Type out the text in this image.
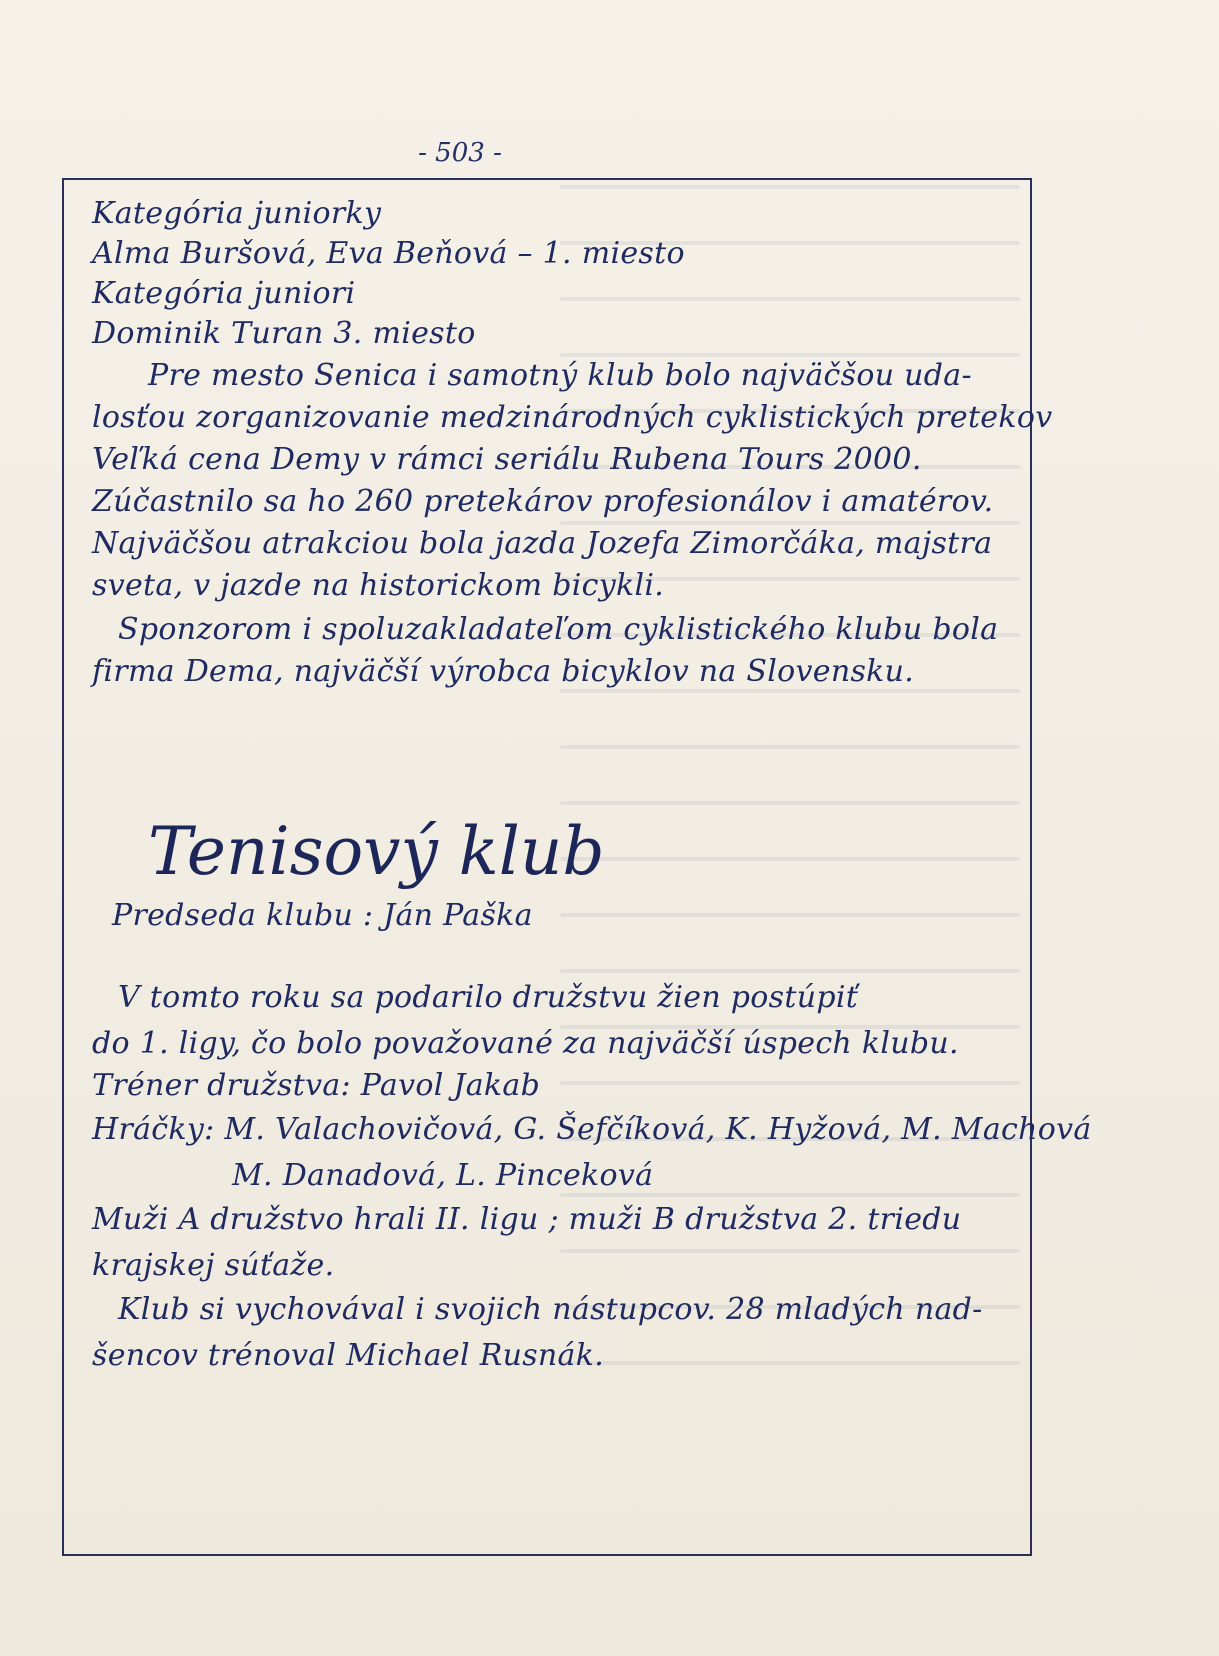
- 503 -
Kategória juniorky
Alma Buršová, Eva Beňová – 1. miesto
Kategória juniori
Dominik Turan 3. miesto
Pre mesto Senica i samotný klub bolo najväčšou uda-
losťou zorganizovanie medzinárodných cyklistických pretekov
Veľká cena Demy v rámci seriálu Rubena Tours 2000.
Zúčastnilo sa ho 260 pretekárov profesionálov i amatérov.
Najväčšou atrakciou bola jazda Jozefa Zimorčáka, majstra
sveta, v jazde na historickom bicykli.
Sponzorom i spoluzakladateľom cyklistického klubu bola
firma Dema, najväčší výrobca bicyklov na Slovensku.
Tenisový klub
Predseda klubu : Ján Paška
V tomto roku sa podarilo družstvu žien postúpiť
do 1. ligy, čo bolo považované za najväčší úspech klubu.
Tréner družstva: Pavol Jakab
Hráčky: M. Valachovičová, G. Šefčíková, K. Hyžová, M. Machová
M. Danadová, L. Pinceková
Muži A družstvo hrali II. ligu ; muži B družstva 2. triedu
krajskej súťaže.
Klub si vychovával i svojich nástupcov. 28 mladých nad-
šencov trénoval Michael Rusnák.
